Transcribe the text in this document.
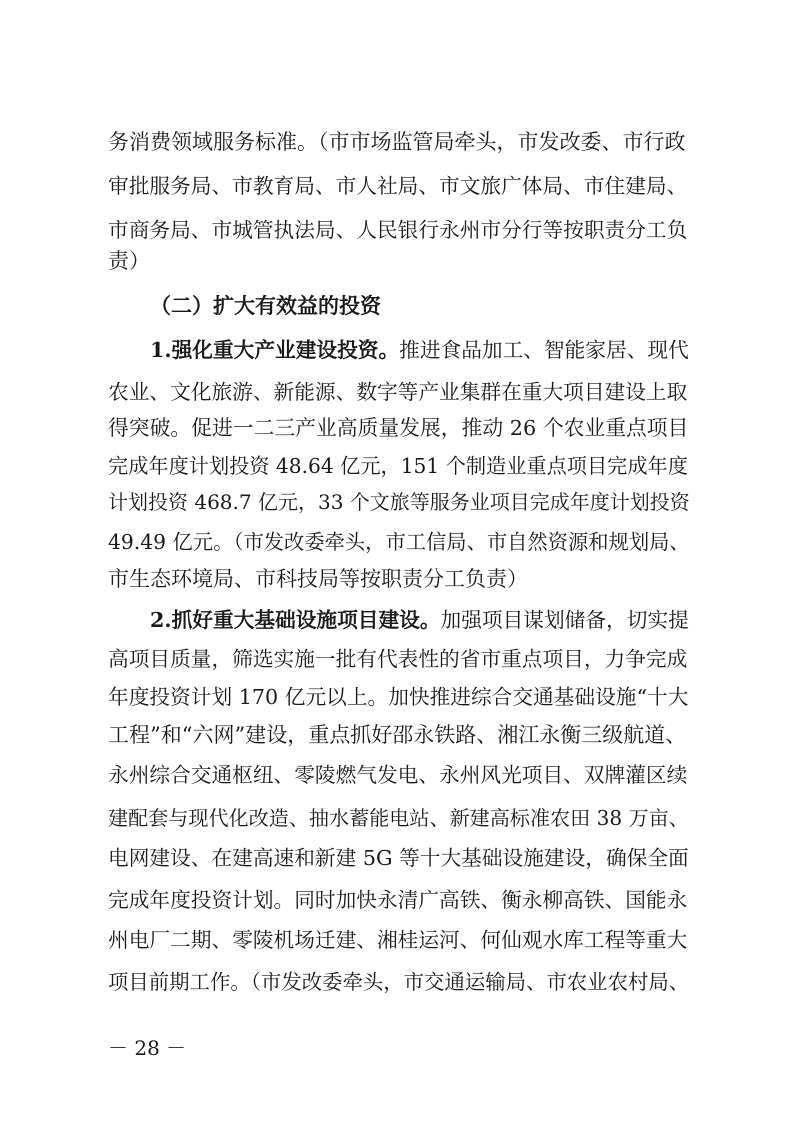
务消费领域服务标准。（市市场监管局牵头，市发改委、市行政
审批服务局、市教育局、市人社局、市文旅广体局、市住建局、
市商务局、市城管执法局、人民银行永州市分行等按职责分工负
责）
（二）扩大有效益的投资
1.强化重大产业建设投资。推进食品加工、智能家居、现代
农业、文化旅游、新能源、数字等产业集群在重大项目建设上取
得突破。促进一二三产业高质量发展，推动 26 个农业重点项目
完成年度计划投资 48.64 亿元，151 个制造业重点项目完成年度
计划投资 468.7 亿元，33 个文旅等服务业项目完成年度计划投资
49.49 亿元。（市发改委牵头，市工信局、市自然资源和规划局、
市生态环境局、市科技局等按职责分工负责）
2.抓好重大基础设施项目建设。加强项目谋划储备，切实提
高项目质量，筛选实施一批有代表性的省市重点项目，力争完成
年度投资计划 170 亿元以上。加快推进综合交通基础设施“十大
工程”和“六网”建设，重点抓好邵永铁路、湘江永衡三级航道、
永州综合交通枢纽、零陵燃气发电、永州风光项目、双牌灌区续
建配套与现代化改造、抽水蓄能电站、新建高标准农田 38 万亩、
电网建设、在建高速和新建 5G 等十大基础设施建设，确保全面
完成年度投资计划。同时加快永清广高铁、衡永柳高铁、国能永
州电厂二期、零陵机场迁建、湘桂运河、何仙观水库工程等重大
项目前期工作。（市发改委牵头，市交通运输局、市农业农村局、
－ 28 －
